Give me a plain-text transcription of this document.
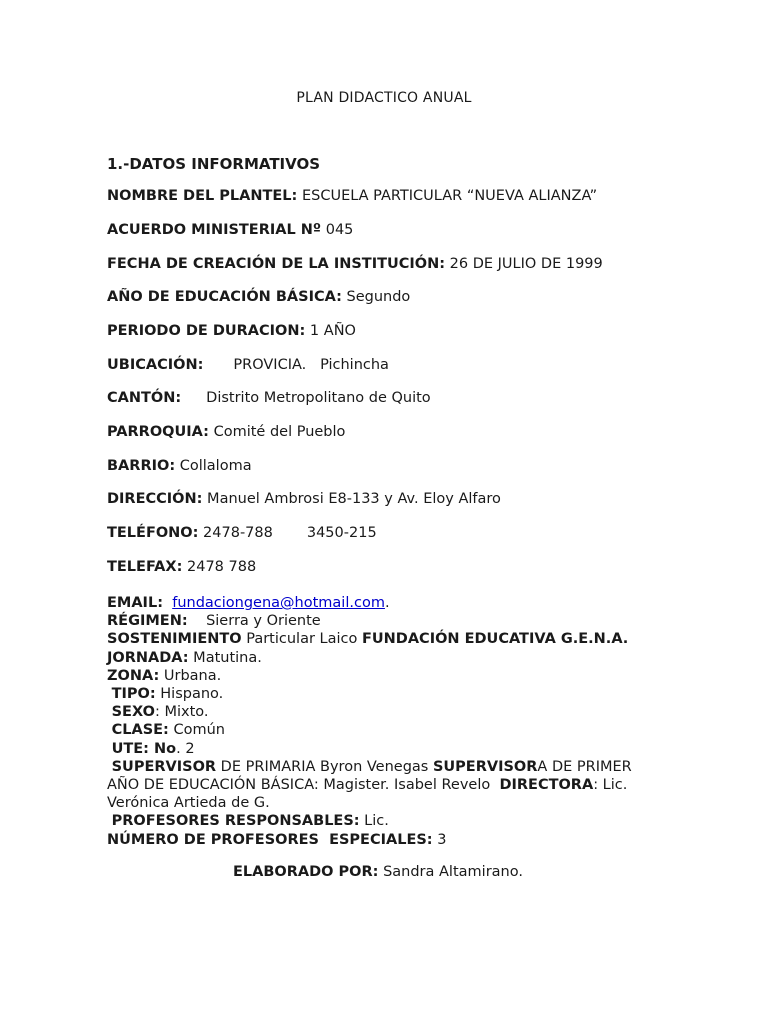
PLAN DIDACTICO ANUAL
1.-DATOS INFORMATIVOS
NOMBRE DEL PLANTEL: ESCUELA PARTICULAR “NUEVA ALIANZA”
ACUERDO MINISTERIAL Nº 045
FECHA DE CREACIÓN DE LA INSTITUCIÓN: 26 DE JULIO DE 1999
AÑO DE EDUCACIÓN BÁSICA: Segundo
PERIODO DE DURACION: 1 AÑO
UBICACIÓN: PROVICIA.   Pichincha
CANTÓN: Distrito Metropolitano de Quito
PARROQUIA: Comité del Pueblo
BARRIO: Collaloma
DIRECCIÓN: Manuel Ambrosi E8-133 y Av. Eloy Alfaro
TELÉFONO: 2478-788 3450-215
TELEFAX: 2478 788
EMAIL: fundaciongena@hotmail.com.
RÉGIMEN: Sierra y Oriente
SOSTENIMIENTO Particular Laico FUNDACIÓN EDUCATIVA G.E.N.A.
JORNADA: Matutina.
ZONA: Urbana.
TIPO: Hispano.
SEXO: Mixto.
CLASE: Común
UTE: No. 2
SUPERVISOR DE PRIMARIA Byron Venegas SUPERVISORA DE PRIMER AÑO DE EDUCACIÓN BÁSICA: Magister. Isabel Revelo  DIRECTORA: Lic. Verónica Artieda de G.
PROFESORES RESPONSABLES: Lic.
NÚMERO DE PROFESORES  ESPECIALES: 3
ELABORADO POR: Sandra Altamirano.
